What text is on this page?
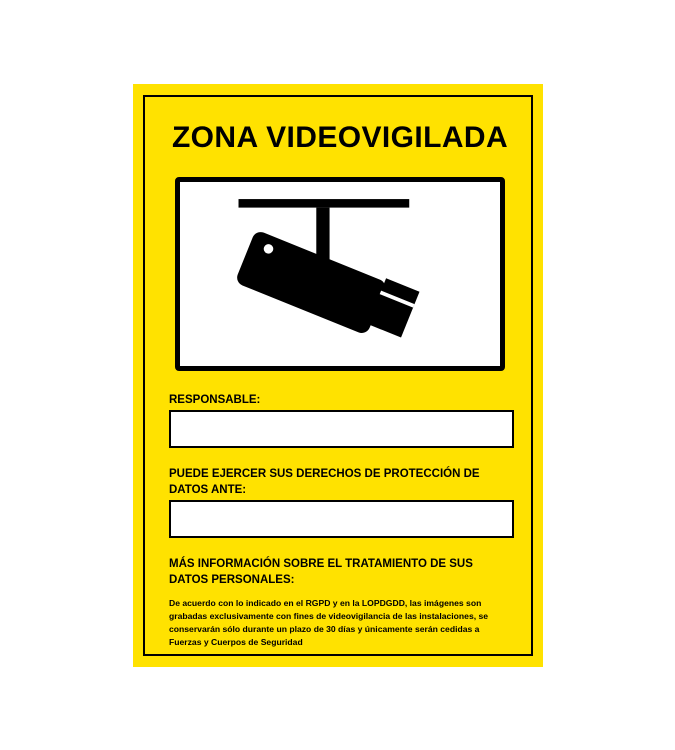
ZONA VIDEOVIGILADA
RESPONSABLE:
PUEDE EJERCER SUS DERECHOS DE PROTECCIÓN DE DATOS ANTE:
MÁS INFORMACIÓN SOBRE EL TRATAMIENTO DE SUS DATOS PERSONALES:
De acuerdo con lo indicado en el RGPD y en la LOPDGDD, las imágenes son grabadas exclusivamente con fines de videovigilancia de las instalaciones, se conservarán sólo durante un plazo de 30 días y únicamente serán cedidas a Fuerzas y Cuerpos de Seguridad
